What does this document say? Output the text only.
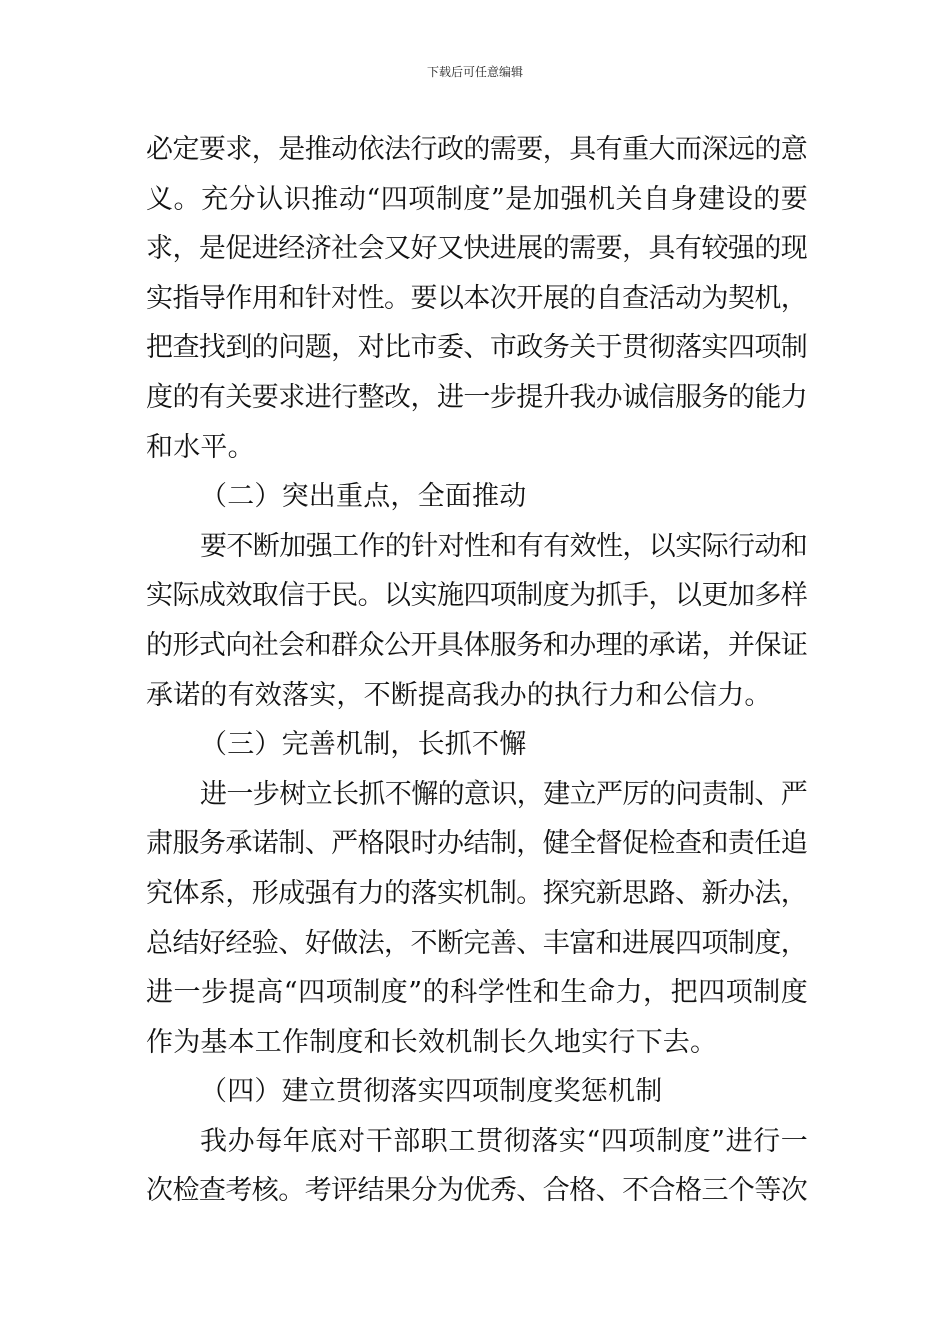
下载后可任意编辑
必定要求，是推动依法行政的需要，具有重大而深远的意
义。充分认识推动“四项制度”是加强机关自身建设的要
求，是促进经济社会又好又快进展的需要，具有较强的现
实指导作用和针对性。要以本次开展的自查活动为契机，
把查找到的问题，对比市委、市政务关于贯彻落实四项制
度的有关要求进行整改，进一步提升我办诚信服务的能力
和水平。
（二）突出重点，全面推动
要不断加强工作的针对性和有有效性，以实际行动和
实际成效取信于民。以实施四项制度为抓手，以更加多样
的形式向社会和群众公开具体服务和办理的承诺，并保证
承诺的有效落实，不断提高我办的执行力和公信力。
（三）完善机制，长抓不懈
进一步树立长抓不懈的意识，建立严厉的问责制、严
肃服务承诺制、严格限时办结制，健全督促检查和责任追
究体系，形成强有力的落实机制。探究新思路、新办法，
总结好经验、好做法，不断完善、丰富和进展四项制度，
进一步提高“四项制度”的科学性和生命力，把四项制度
作为基本工作制度和长效机制长久地实行下去。
（四）建立贯彻落实四项制度奖惩机制
我办每年底对干部职工贯彻落实“四项制度”进行一
次检查考核。考评结果分为优秀、合格、不合格三个等次
